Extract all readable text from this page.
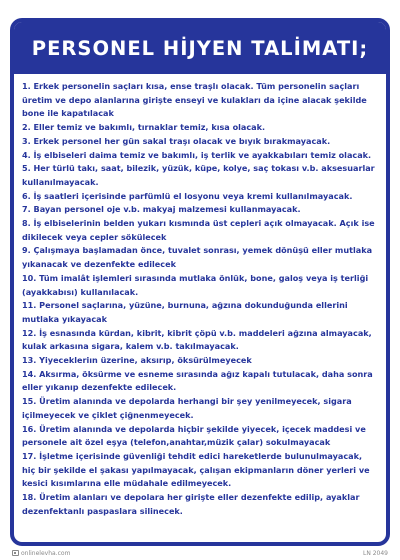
PERSONEL HİJYEN TALİMATI;

1. Erkek personelin saçları kısa, ense traşlı olacak. Tüm personelin saçları üretim ve depo alanlarına girişte enseyi ve kulakları da içine alacak şekilde bone ile kapatılacak

2. Eller temiz ve bakımlı, tırnaklar temiz, kısa olacak.

3. Erkek personel her gün sakal traşı olacak ve bıyık bırakmayacak.

4. İş elbiseleri daima temiz ve bakımlı, iş terlik ve ayakkabıları temiz olacak.

5. Her türlü takı, saat, bilezik, yüzük, küpe, kolye, saç tokası v.b. aksesuarlar kullanılmayacak.

6. İş saatleri içerisinde parfümlü el losyonu veya kremi kullanılmayacak.

7. Bayan personel oje v.b. makyaj malzemesi kullanmayacak.

8. İş elbiselerinin belden yukarı kısmında üst cepleri açık olmayacak. Açık ise dikilecek veya cepler sökülecek

9. Çalışmaya başlamadan önce, tuvalet sonrası, yemek dönüşü eller mutlaka yıkanacak ve dezenfekte edilecek

10. Tüm imalât işlemleri sırasında mutlaka önlük, bone, galoş veya iş terliği (ayakkabısı) kullanılacak.

11. Personel saçlarına, yüzüne, burnuna, ağzına dokunduğunda ellerini mutlaka yıkayacak

12. İş esnasında kürdan, kibrit, kibrit çöpü v.b. maddeleri ağzına almayacak, kulak arkasına sigara, kalem v.b. takılmayacak.

13. Yiyecekleriın üzerine, aksırıp, öksürülmeyecek

14. Aksırma, öksürme ve esneme sırasında ağız kapalı tutulacak, daha sonra eller yıkanıp dezenfekte edilecek.

15. Üretim alanında ve depolarda herhangi bir şey yenilmeyecek, sigara içilmeyecek ve çiklet çiğnenmeyecek.

16. Üretim alanında ve depolarda hiçbir şekilde yiyecek, içecek maddesi ve personele ait özel eşya (telefon,anahtar,müzik çalar) sokulmayacak

17. İşletme içerisinde güvenliği tehdit edici hareketlerde bulunulmayacak, hiç bir şekilde el şakası yapılmayacak, çalışan ekipmanların döner yerleri ve kesici kısımlarına elle müdahale edilmeyecek.

18. Üretim alanları ve depolara her girişte eller dezenfekte edilip, ayaklar dezenfektanlı paspaslara silinecek.

onlinelevha.com	LN 2049
